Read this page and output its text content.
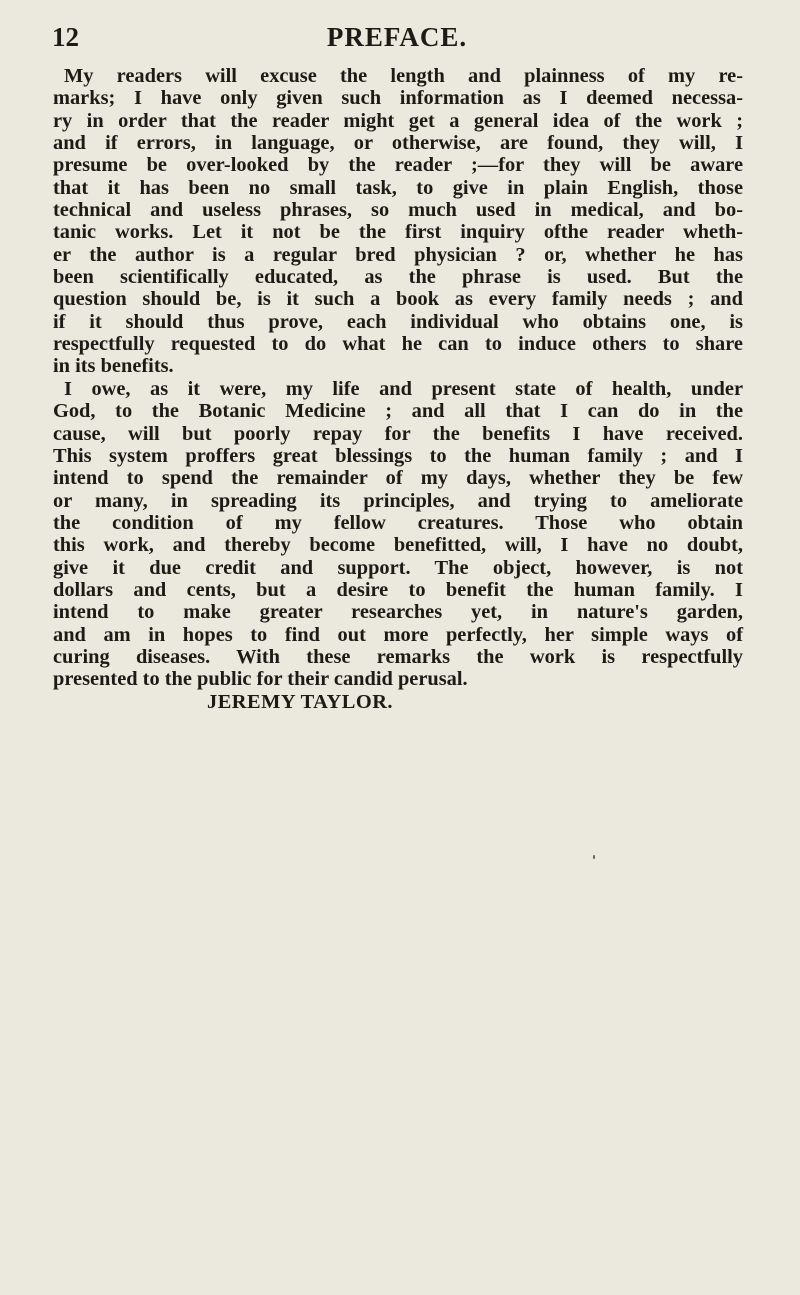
12	PREFACE.
My readers will excuse the length and plainness of my re-
marks; I have only given such information as I deemed necessa-
ry in order that the reader might get a general idea of the work ;
and if errors, in language, or otherwise, are found, they will, I
presume be over-looked by the reader ;—for they will be aware
that it has been no small task, to give in plain English, those
technical and useless phrases, so much used in medical, and bo-
tanic works. Let it not be the first inquiry ofthe reader wheth-
er the author is a regular bred physician ? or, whether he has
been scientifically educated, as the phrase is used. But the
question should be, is it such a book as every family needs ; and
if it should thus prove, each individual who obtains one, is
respectfully requested to do what he can to induce others to share
in its benefits.
I owe, as it were, my life and present state of health, under
God, to the Botanic Medicine ; and all that I can do in the
cause, will but poorly repay for the benefits I have received.
This system proffers great blessings to the human family ; and I
intend to spend the remainder of my days, whether they be few
or many, in spreading its principles, and trying to ameliorate
the condition of my fellow creatures. Those who obtain
this work, and thereby become benefitted, will, I have no doubt,
give it due credit and support. The object, however, is not
dollars and cents, but a desire to benefit the human family. I
intend to make greater researches yet, in nature's garden,
and am in hopes to find out more perfectly, her simple ways of
curing diseases. With these remarks the work is respectfully
presented to the public for their candid perusal.
JEREMY TAYLOR.
